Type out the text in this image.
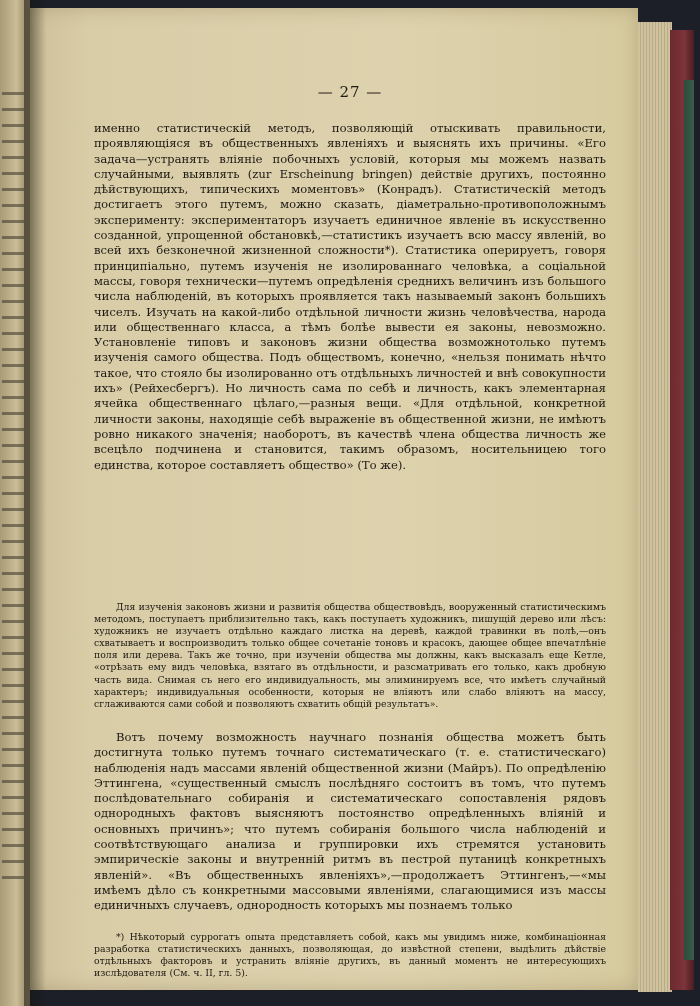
— 27 —

именно статистическій методъ, позволяющій отыскивать правильности, проявляющіяся въ общественныхъ явленіяхъ и выяснять ихъ причины. «Его задача—устранять вліяніе побочныхъ условій, которыя мы можемъ назвать случайными, выявлять (zur Erscheinung bringen) действіе другихъ, постоянно дѣйствующихъ, типическихъ моментовъ» (Конрадъ). Статистическій методъ достигаетъ этого путемъ, можно сказать, діаметрально-противоположнымъ эксперименту: экспериментаторъ изучаетъ единичное явленіе въ искусственно созданной, упрощенной обстановкѣ,—статистикъ изучаетъ всю массу явленій, во всей ихъ безконечной жизненной сложности*). Статистика оперируетъ, говоря принципіально, путемъ изученія не изолированнаго человѣка, а соціальной массы, говоря технически—путемъ опредѣленія среднихъ величинъ изъ большого числа наблюденій, въ которыхъ проявляется такъ называемый законъ большихъ чиселъ. Изучать на какой-либо отдѣльной личности жизнь человѣчества, народа или общественнаго класса, а тѣмъ болѣе вывести ея законы, невозможно. Установленіе типовъ и законовъ жизни общества возможнотолько путемъ изученія самого общества. Подъ обществомъ, конечно, «нельзя понимать нѣчто такое, что стояло бы изолированно отъ отдѣльныхъ личностей и внѣ совокупности ихъ» (Рейхесбергъ). Но личность сама по себѣ и личность, какъ элементарная ячейка общественнаго цѣлаго,—разныя вещи. «Для отдѣльной, конкретной личности законы, находящіе себѣ выраженіе въ общественной жизни, не имѣютъ ровно никакого значенія; наоборотъ, въ качествѣ члена общества личность же всецѣло подчинена и становится, такимъ образомъ, носительницею того единства, которое составляетъ общество» (То же).

Для изученія законовъ жизни и развитія общества обществовѣдъ, вооруженный статистическимъ методомъ, поступаетъ приблизительно такъ, какъ поступаетъ художникъ, пишущій дерево или лѣсъ: художникъ не изучаетъ отдѣльно каждаго листка на деревѣ, каждой травинки въ полѣ,—онъ схватываетъ и воспроизводитъ только общее сочетаніе тоновъ и красокъ, дающее общее впечатлѣніе поля или дерева. Такъ же точно, при изученіи общества мы должны, какъ высказалъ еще Кетле, «отрѣзать ему видъ человѣка, взятаго въ отдѣльности, и разсматривать его только, какъ дробную часть вида. Снимая съ него его индивидуальность, мы элиминируемъ все, что имѣетъ случайный характеръ; индивидуальныя особенности, которыя не вліяютъ или слабо вліяютъ на массу, сглаживаются сами собой и позволяютъ схватить общій результатъ».

Вотъ почему возможность научнаго познанія общества можетъ быть достигнута только путемъ точнаго систематическаго (т. е. статистическаго) наблюденія надъ массами явленій общественной жизни (Майръ). По опредѣленію Эттингена, «существенный смыслъ послѣдняго состоитъ въ томъ, что путемъ послѣдовательнаго собиранія и систематическаго сопоставленія рядовъ однородныхъ фактовъ выясняютъ постоянство опредѣленныхъ вліяній и основныхъ причинъ»; что путемъ собиранія большого числа наблюденій и соотвѣтствующаго анализа и группировки ихъ стремятся установить эмпирическіе законы и внутренній ритмъ въ пестрой путаницѣ конкретныхъ явленій». «Въ общественныхъ явленіяхъ»,—продолжаетъ Эттингенъ,—«мы имѣемъ дѣло съ конкретными массовыми явленіями, слагающимися изъ массы единичныхъ случаевъ, однородность которыхъ мы познаемъ только

*) Нѣкоторый суррогатъ опыта представляетъ собой, какъ мы увидимъ ниже, комбинаціонная разработка статистическихъ данныхъ, позволяющая, до извѣстной степени, выдѣлить дѣйствіе отдѣльныхъ факторовъ и устранить вліяніе другихъ, въ данный моментъ не интересующихъ изслѣдователя (См. ч. II, гл. 5).
